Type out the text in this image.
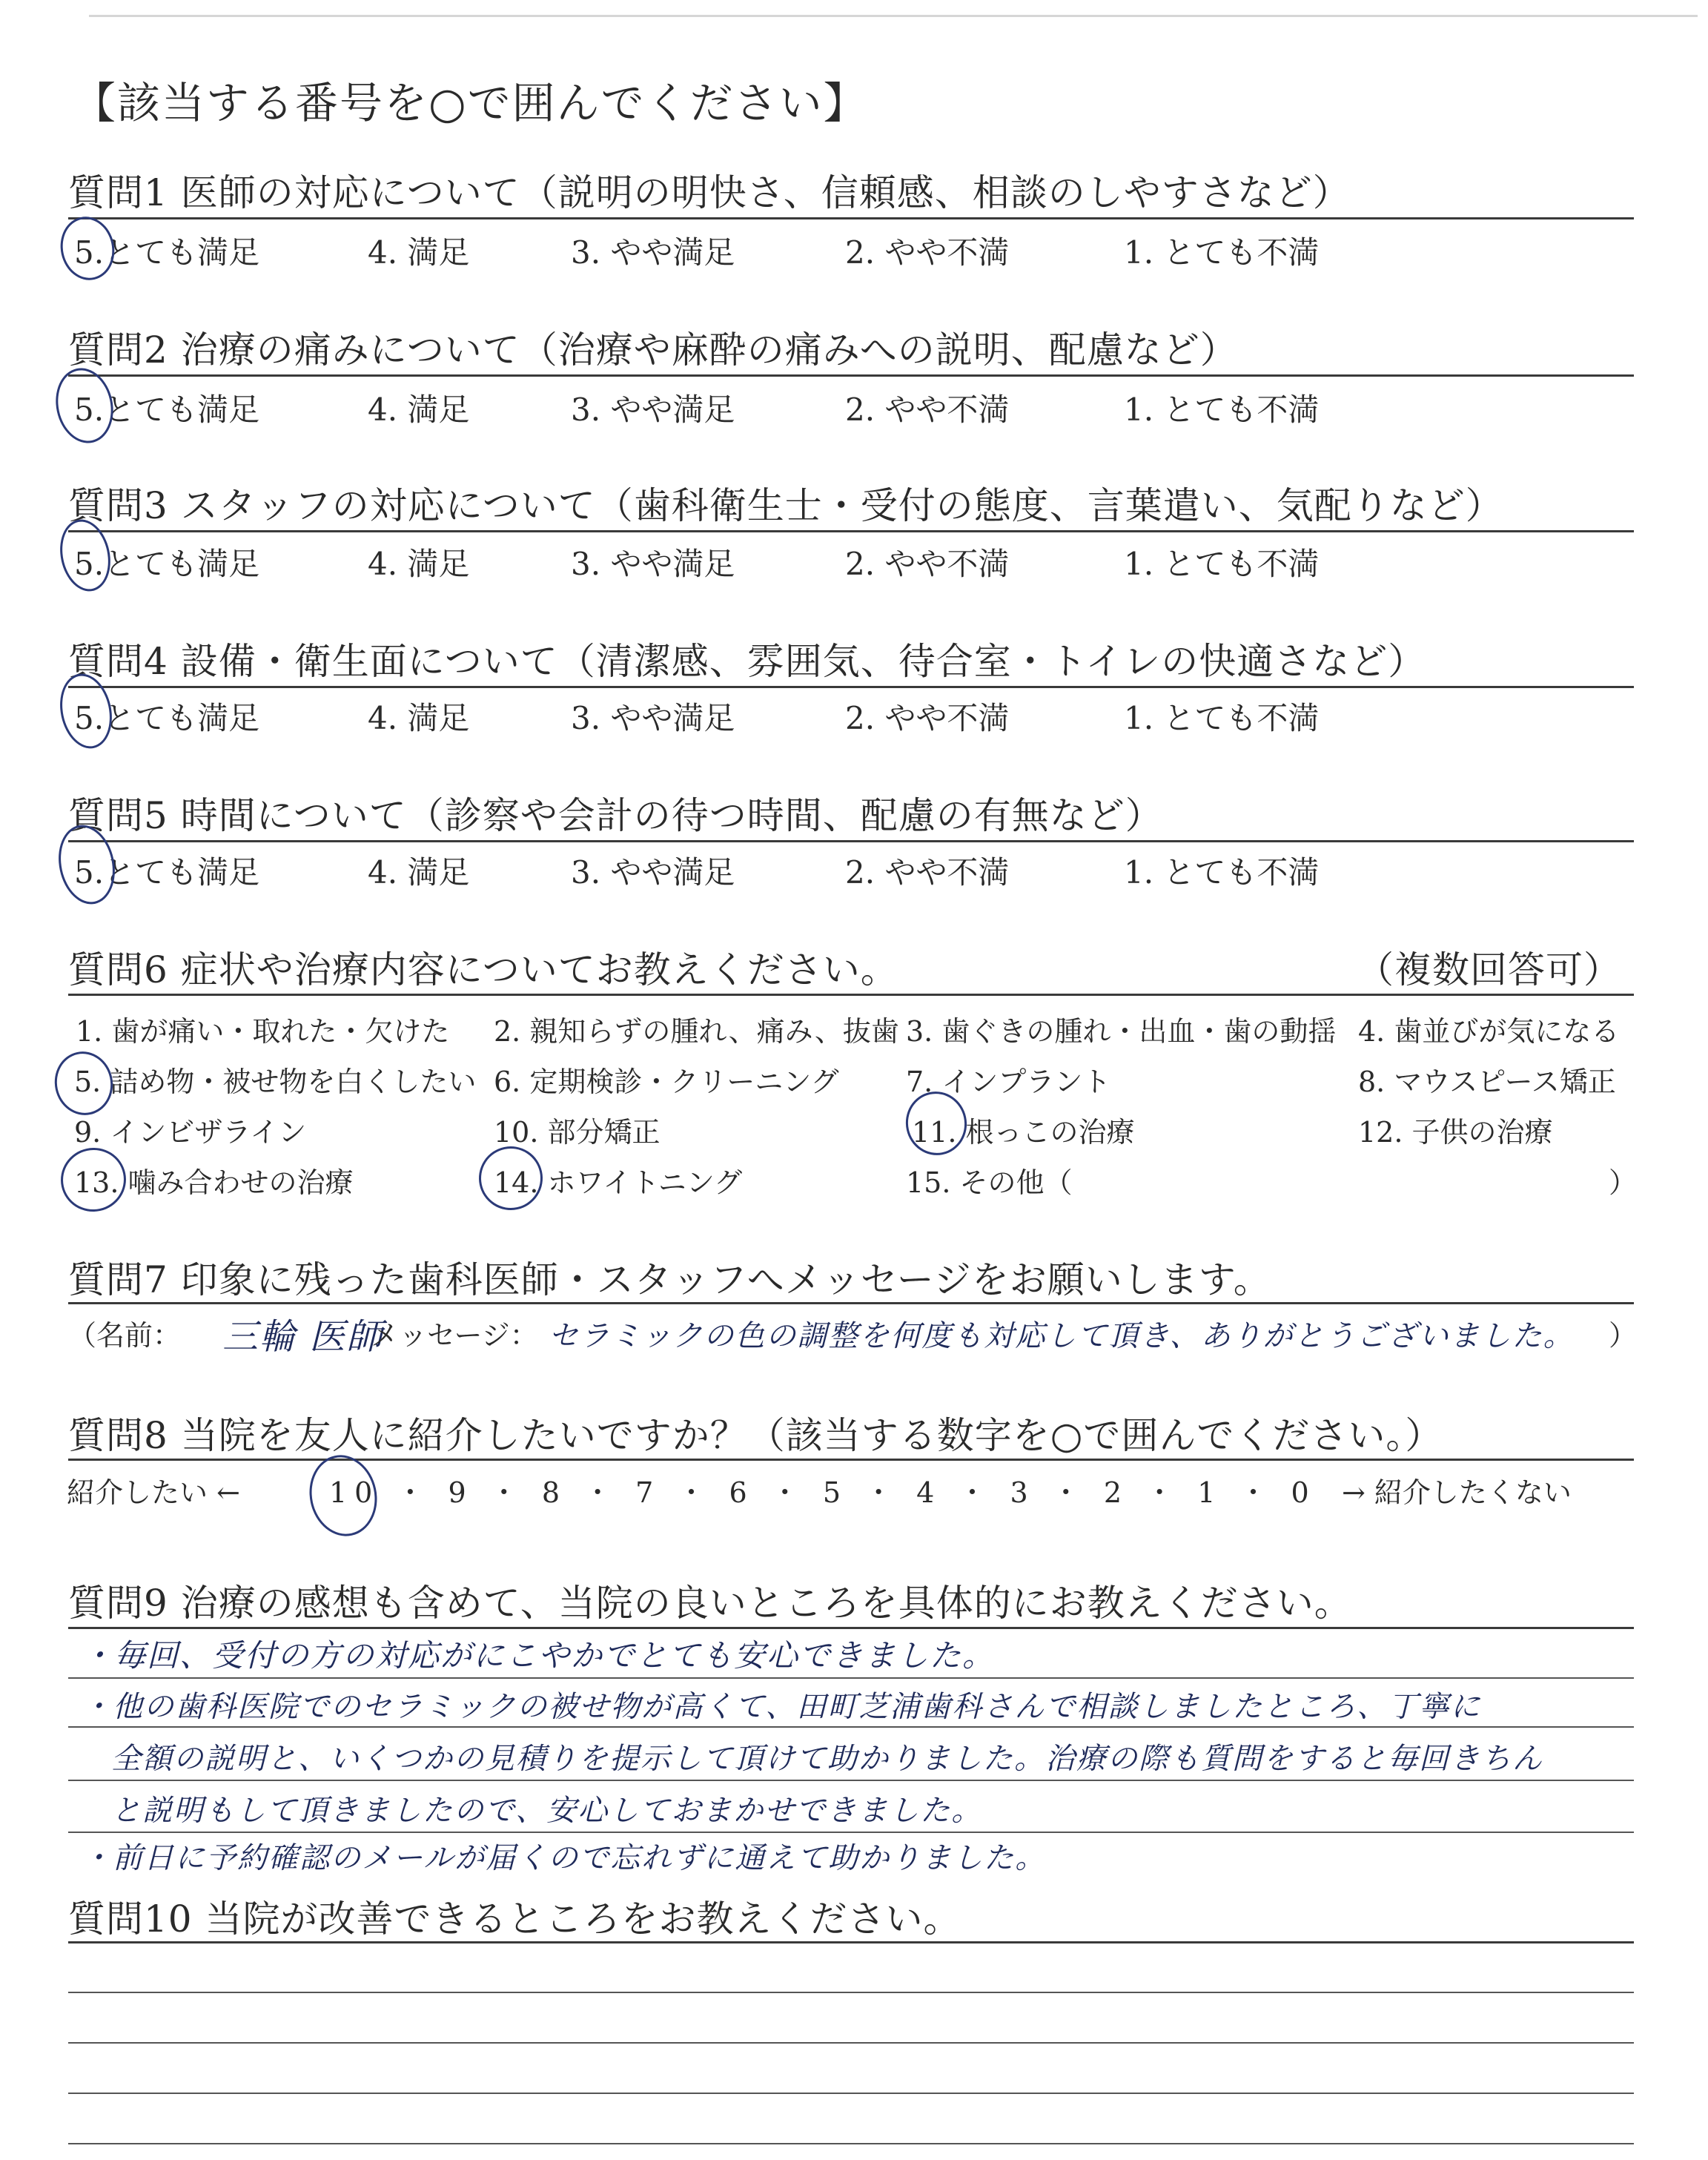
【該当する番号を○で囲んでください】
質問1 医師の対応について（説明の明快さ、信頼感、相談のしやすさなど）
5.とても満足	4. 満足	3. やや満足	2. やや不満	1. とても不満
質問2 治療の痛みについて（治療や麻酔の痛みへの説明、配慮など）
5.とても満足	4. 満足	3. やや満足	2. やや不満	1. とても不満
質問3 スタッフの対応について（歯科衛生士・受付の態度、言葉遣い、気配りなど）
5.とても満足	4. 満足	3. やや満足	2. やや不満	1. とても不満
質問4 設備・衛生面について（清潔感、雰囲気、待合室・トイレの快適さなど）
5.とても満足	4. 満足	3. やや満足	2. やや不満	1. とても不満
質問5 時間について（診察や会計の待つ時間、配慮の有無など）
5.とても満足	4. 満足	3. やや満足	2. やや不満	1. とても不満
質問6 症状や治療内容についてお教えください。	（複数回答可）
1. 歯が痛い・取れた・欠けた 2. 親知らずの腫れ、痛み、抜歯 3. 歯ぐきの腫れ・出血・歯の動揺 4. 歯並びが気になる
5. 詰め物・被せ物を白くしたい 6. 定期検診・クリーニング 7. インプラント	8. マウスピース矯正
9. インビザライン	10. 部分矯正	11. 根っこの治療	12. 子供の治療
13. 噛み合わせの治療	14. ホワイトニング	15. その他（	）
質問7 印象に残った歯科医師・スタッフへメッセージをお願いします。
（名前： 三輪 医師
メッセージ： セラミックの色の調整を何度も対応して頂き、ありがとうございました。 ）
質問8 当院を友人に紹介したいですか？（該当する数字を○で囲んでください。）
紹介したい ←	10 ・ 9 ・ 8 ・ 7 ・ 6 ・ 5 ・ 4 ・ 3 ・ 2 ・ 1 ・ 0 → 紹介したくない
質問9 治療の感想も含めて、当院の良いところを具体的にお教えください。
・毎回、受付の方の対応がにこやかでとても安心できました。
・他の歯科医院でのセラミックの被せ物が高くて、田町芝浦歯科さんで相談しましたところ、丁寧に
全額の説明と、いくつかの見積りを提示して頂けて助かりました。治療の際も質問をすると毎回きちん
と説明もして頂きましたので、安心しておまかせできました。
・前日に予約確認のメールが届くので忘れずに通えて助かりました。
質問10 当院が改善できるところをお教えください。
